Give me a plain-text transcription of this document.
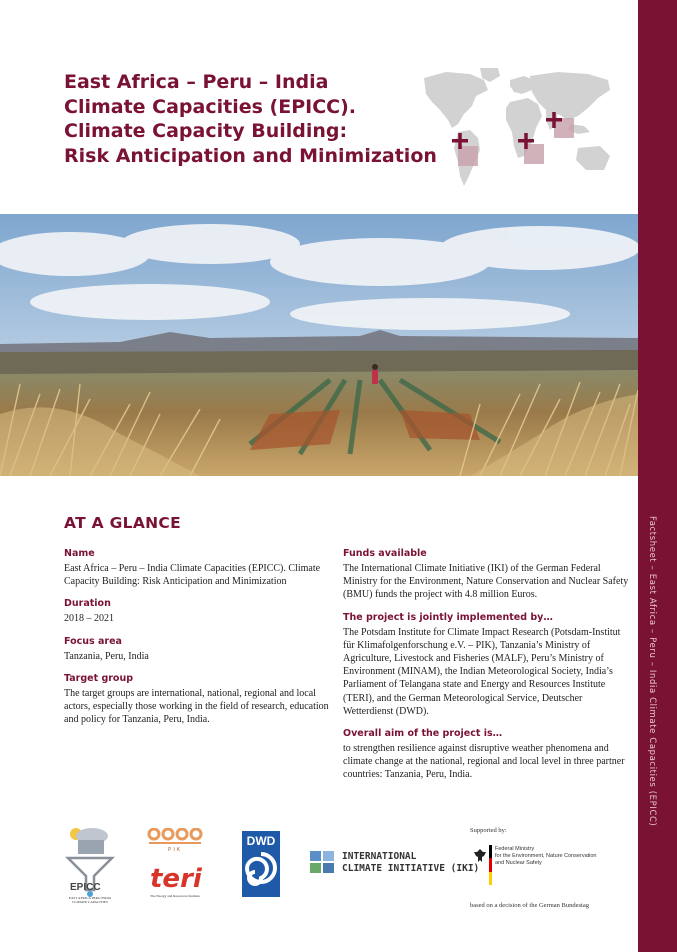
Factsheet – East Africa – Peru – India Climate Capacities (EPICC)
East Africa – Peru – India
Climate Capacities (EPICC).
Climate Capacity Building:
Risk Anticipation and Minimization
AT A GLANCE
Name

East Africa – Peru – India Climate Capacities (EPICC). Climate Capacity Building: Risk Anticipation and Minimization

Duration

2018 – 2021

Focus area

Tanzania, Peru, India

Target group

The target groups are international, national, regional and local actors, especially those working in the field of research, education and policy for Tanzania, Peru, India.

Funds available

The International Climate Initiative (IKI) of the German Federal Ministry for the Environment, Nature Conservation and Nuclear Safety (BMU) funds the project with 4.8 million Euros.

The project is jointly implemented by…

The Potsdam Institute for Climate Impact Research (Potsdam-Institut für Klimafolgenforschung e.V. – PIK), Tanzania’s Ministry of Agriculture, Livestock and Fisheries (MALF), Peru’s Ministry of Environment (MINAM), the Indian Meteorological Society, India’s Parliament of Telangana state and Energy and Resources Institute (TERI), and the German Meteorological Service, Deutscher Wetterdienst (DWD).

Overall aim of the project is…

to strengthen resilience against disruptive weather phenomena and climate change at the national, regional and local level in three partner countries: Tanzania, Peru, India.

EPICC
EAST AFRICA PERU INDIA CLIMATE CAPACITIES
PIK
teri
The Energy and Resources Institute
DWD
INTERNATIONAL
CLIMATE INITIATIVE (IKI)
Supported by:
Federal Ministry
for the Environment, Nature Conservation
and Nuclear Safety
based on a decision of the German Bundestag
